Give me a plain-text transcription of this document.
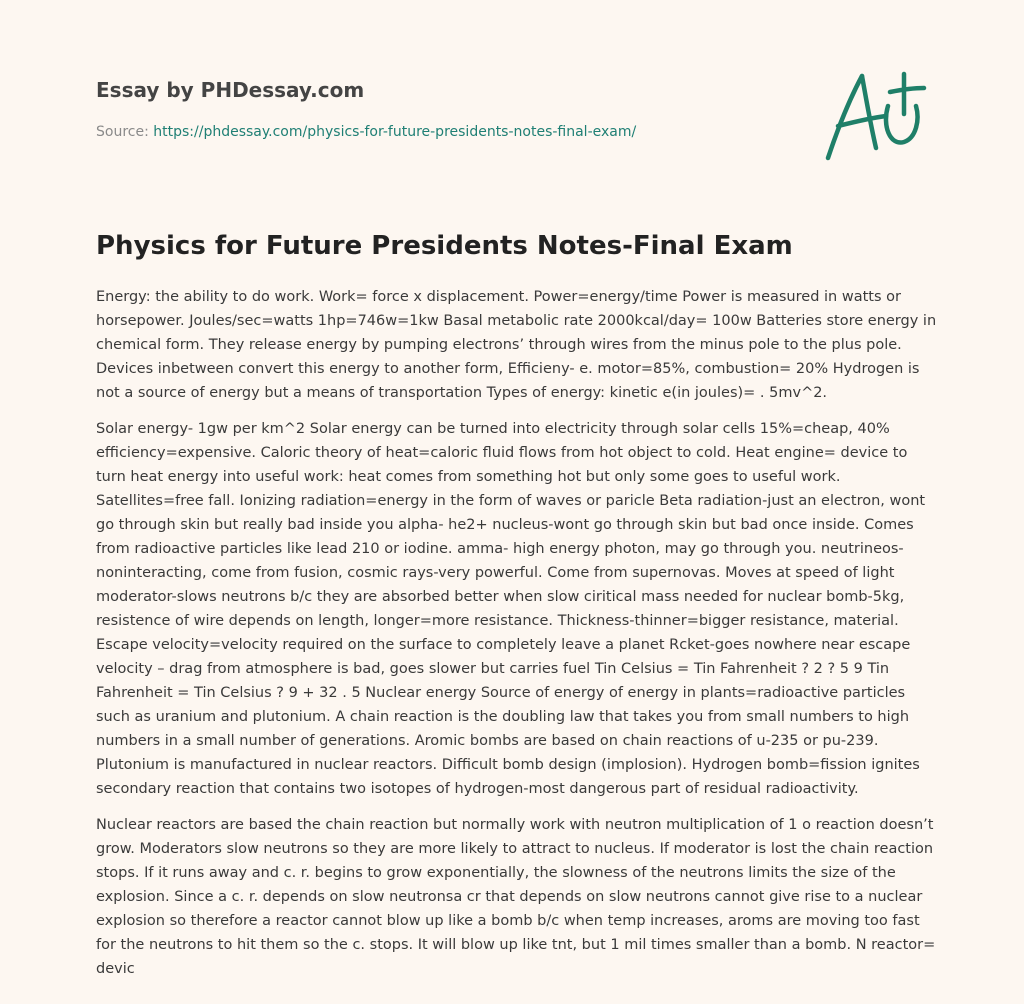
Essay by PHDessay.com

Source: https://phdessay.com/physics-for-future-presidents-notes-final-exam/
Physics for Future Presidents Notes-Final Exam

Energy: the ability to do work. Work= force x displacement. Power=energy/time Power is measured in watts or horsepower. Joules/sec=watts 1hp=746w=1kw Basal metabolic rate 2000kcal/day= 100w Batteries store energy in chemical form. They release energy by pumping electrons’ through wires from the minus pole to the plus pole. Devices inbetween convert this energy to another form, Efficieny- e. motor=85%, combustion= 20% Hydrogen is not a source of energy but a means of transportation Types of energy: kinetic e(in joules)= . 5mv^2.

Solar energy- 1gw per km^2 Solar energy can be turned into electricity through solar cells 15%=cheap, 40% efficiency=expensive. Caloric theory of heat=caloric fluid flows from hot object to cold. Heat engine= device to turn heat energy into useful work: heat comes from something hot but only some goes to useful work. Satellites=free fall. Ionizing radiation=energy in the form of waves or paricle Beta radiation-just an electron, wont go through skin but really bad inside you alpha- he2+ nucleus-wont go through skin but bad once inside. Comes from radioactive particles like lead 210 or iodine. amma- high energy photon, may go through you. neutrineos-noninteracting, come from fusion, cosmic rays-very powerful. Come from supernovas. Moves at speed of light moderator-slows neutrons b/c they are absorbed better when slow ciritical mass needed for nuclear bomb-5kg, resistence of wire depends on length, longer=more resistance. Thickness-thinner=bigger resistance, material. Escape velocity=velocity required on the surface to completely leave a planet Rcket-goes nowhere near escape velocity – drag from atmosphere is bad, goes slower but carries fuel Tin Celsius = Tin Fahrenheit ? 2 ? 5 9 Tin Fahrenheit = Tin Celsius ? 9 + 32 . 5 Nuclear energy Source of energy of energy in plants=radioactive particles such as uranium and plutonium. A chain reaction is the doubling law that takes you from small numbers to high numbers in a small number of generations. Aromic bombs are based on chain reactions of u-235 or pu-239. Plutonium is manufactured in nuclear reactors. Difficult bomb design (implosion). Hydrogen bomb=fission ignites secondary reaction that contains two isotopes of hydrogen-most dangerous part of residual radioactivity.

Nuclear reactors are based the chain reaction but normally work with neutron multiplication of 1 o reaction doesn’t grow. Moderators slow neutrons so they are more likely to attract to nucleus. If moderator is lost the chain reaction stops. If it runs away and c. r. begins to grow exponentially, the slowness of the neutrons limits the size of the explosion. Since a c. r. depends on slow neutronsa cr that depends on slow neutrons cannot give rise to a nuclear explosion so therefore a reactor cannot blow up like a bomb b/c when temp increases, aroms are moving too fast for the neutrons to hit them so the c. stops. It will blow up like tnt, but 1 mil times smaller than a bomb. N reactor= devic
